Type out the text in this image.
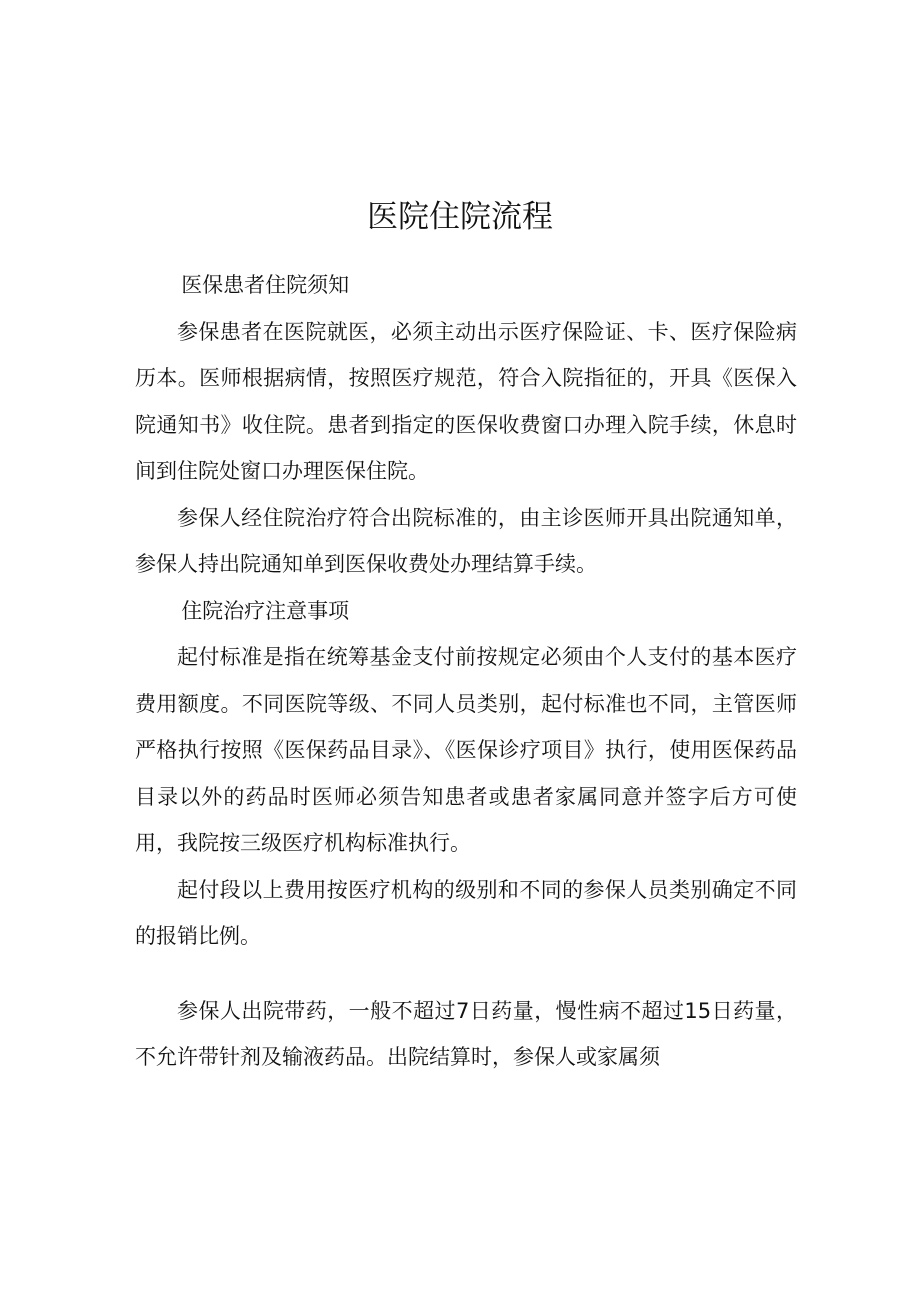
医院住院流程

医保患者住院须知

参保患者在医院就医，必须主动出示医疗保险证、卡、医疗保险病历本。医师根据病情，按照医疗规范，符合入院指征的，开具《医保入院通知书》收住院。患者到指定的医保收费窗口办理入院手续，休息时间到住院处窗口办理医保住院。

参保人经住院治疗符合出院标准的，由主诊医师开具出院通知单，参保人持出院通知单到医保收费处办理结算手续。

住院治疗注意事项

起付标准是指在统筹基金支付前按规定必须由个人支付的基本医疗费用额度。不同医院等级、不同人员类别，起付标准也不同，主管医师严格执行按照《医保药品目录》、《医保诊疗项目》执行，使用医保药品目录以外的药品时医师必须告知患者或患者家属同意并签字后方可使用，我院按三级医疗机构标准执行。

起付段以上费用按医疗机构的级别和不同的参保人员类别确定不同的报销比例。

参保人出院带药，一般不超过7日药量，慢性病不超过15日药量，不允许带针剂及输液药品。出院结算时，参保人或家属须
